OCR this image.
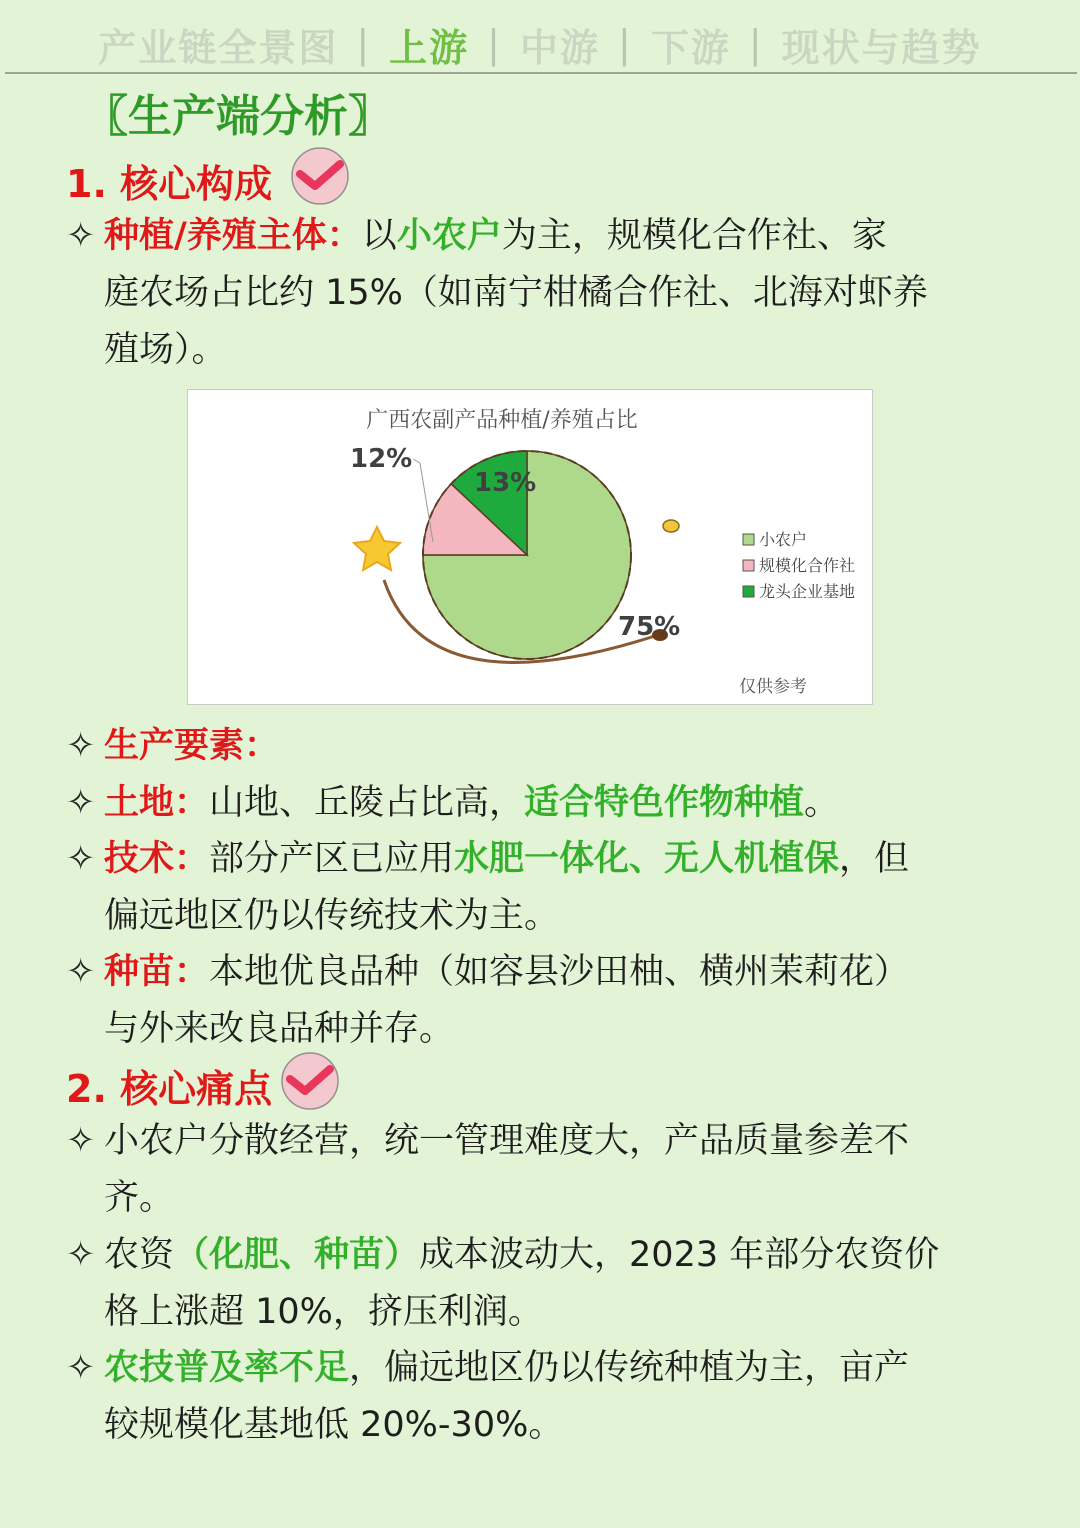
产业链全景图 | 上游 | 中游 | 下游 | 现状与趋势
〖生产端分析〗
1. 核心构成
✧ 种植/养殖主体：以小农户为主，规模化合作社、家
庭农场占比约 15%（如南宁柑橘合作社、北海对虾养
殖场）。
广西农副产品种植/养殖占比
12%
13%
75%
小农户
规模化合作社
龙头企业基地
仅供参考
✧ 生产要素：
✧ 土地：山地、丘陵占比高，适合特色作物种植。
✧ 技术：部分产区已应用水肥一体化、无人机植保，但
偏远地区仍以传统技术为主。
✧ 种苗：本地优良品种（如容县沙田柚、横州茉莉花）
与外来改良品种并存。
2. 核心痛点
✧ 小农户分散经营，统一管理难度大，产品质量参差不
齐。
✧ 农资（化肥、种苗）成本波动大，2023 年部分农资价
格上涨超 10%，挤压利润。
✧ 农技普及率不足，偏远地区仍以传统种植为主，亩产
较规模化基地低 20%-30%。
